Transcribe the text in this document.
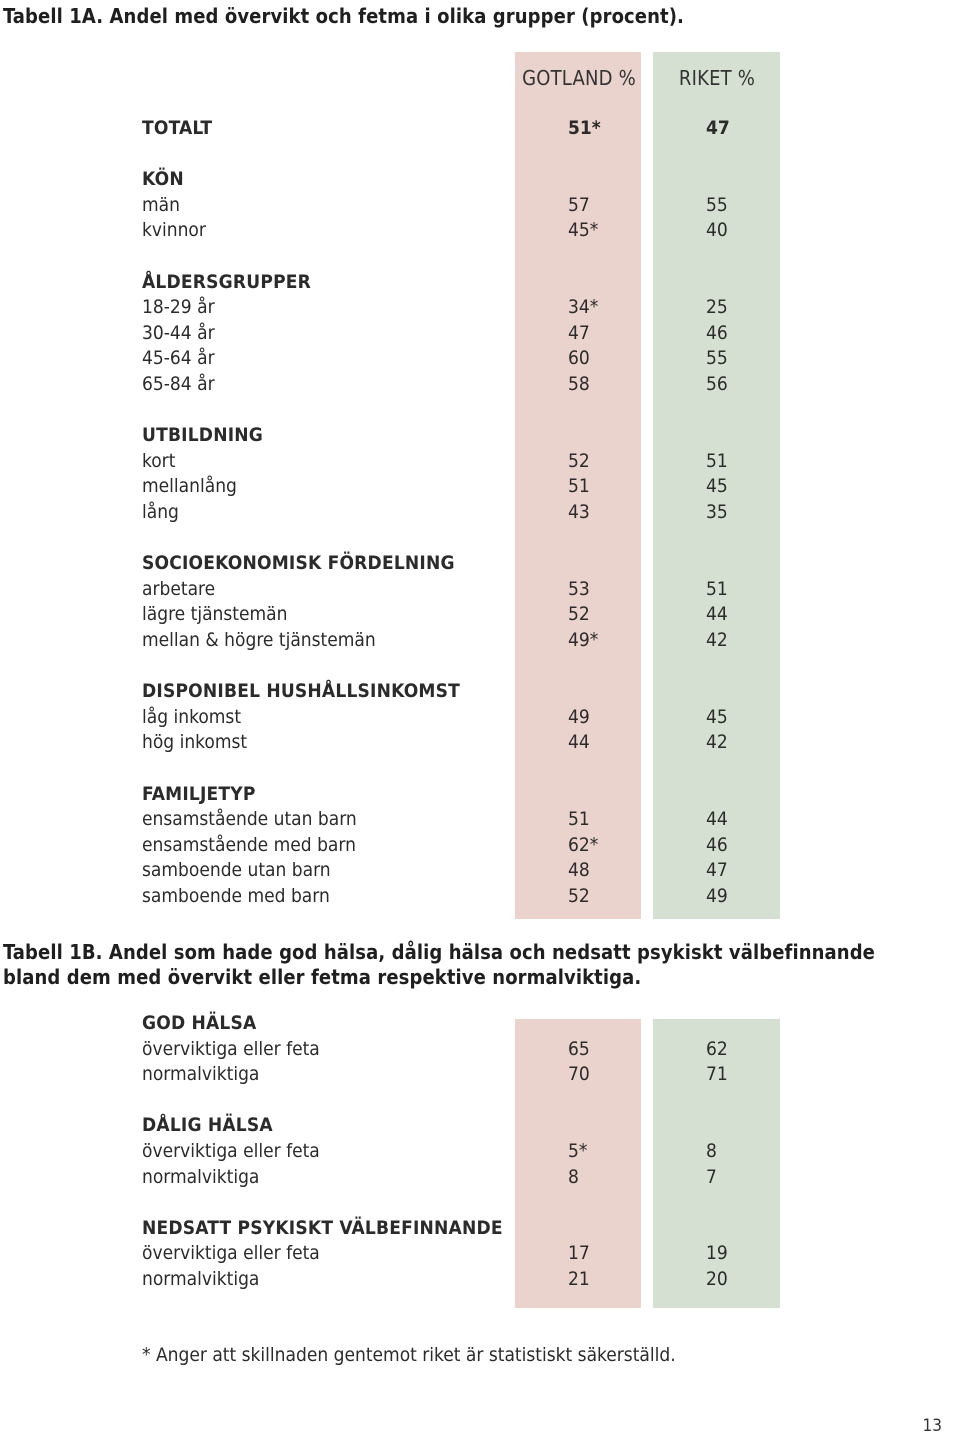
Tabell 1A. Andel med övervikt och fetma i olika grupper (procent).
GOTLAND %	RIKET %
TOTALT	51*	47
KÖN
män	57	55
kvinnor	45*	40
ÅLDERSGRUPPER
18-29 år	34*	25
30-44 år	47	46
45-64 år	60	55
65-84 år	58	56
UTBILDNING
kort	52	51
mellanlång	51	45
lång	43	35
SOCIOEKONOMISK FÖRDELNING
arbetare	53	51
lägre tjänstemän	52	44
mellan & högre tjänstemän	49*	42
DISPONIBEL HUSHÅLLSINKOMST
låg inkomst	49	45
hög inkomst	44	42
FAMILJETYP
ensamstående utan barn	51	44
ensamstående med barn	62*	46
samboende utan barn	48	47
samboende med barn	52	49
Tabell 1B. Andel som hade god hälsa, dålig hälsa och nedsatt psykiskt välbefinnande
bland dem med övervikt eller fetma respektive normalviktiga.
GOD HÄLSA
överviktiga eller feta	65	62
normalviktiga	70	71
DÅLIG HÄLSA
överviktiga eller feta	5*	8
normalviktiga	8	7
NEDSATT PSYKISKT VÄLBEFINNANDE
överviktiga eller feta	17	19
normalviktiga	21	20
* Anger att skillnaden gentemot riket är statistiskt säkerställd.
13
